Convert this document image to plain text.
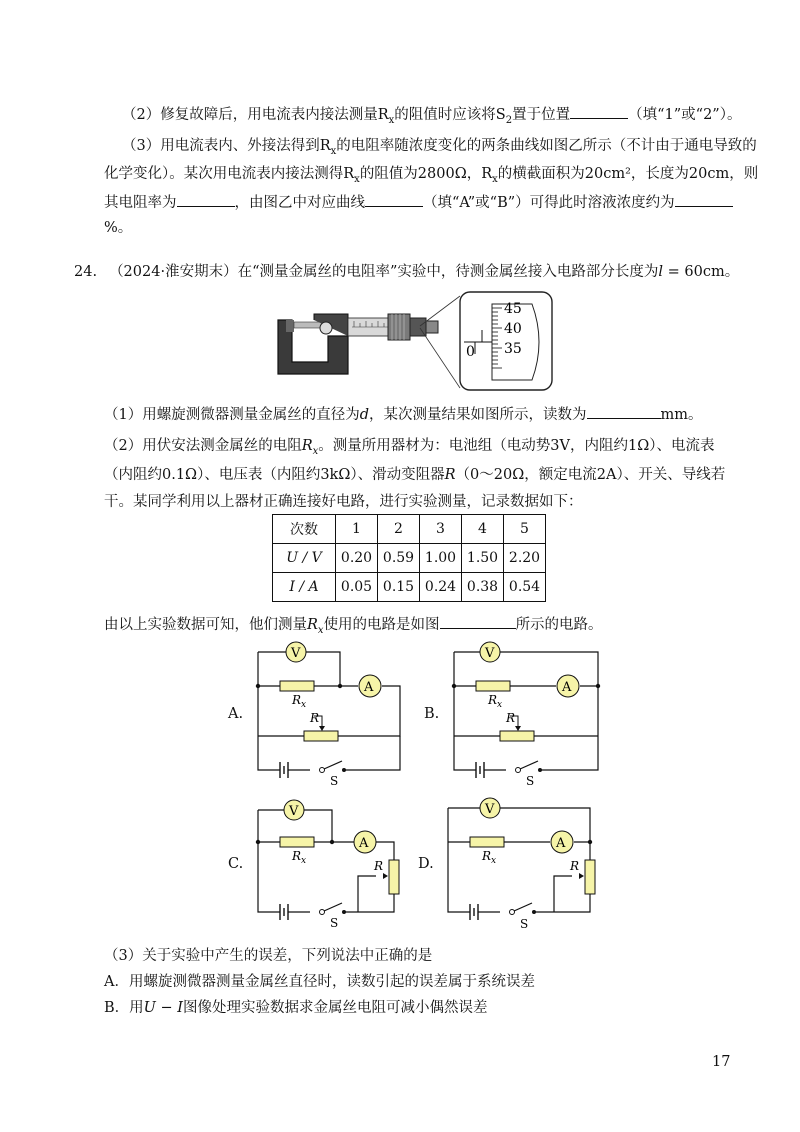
（2）修复故障后，用电流表内接法测量$R_x$的阻值时应该将$S_2$置于位置	（填“1”或“2”）。
（3）用电流表内、外接法得到$R_x$的电阻率随浓度变化的两条曲线如图乙所示（不计由于通电导致的
化学变化）。某次用电流表内接法测得$R_x$的阻值为2800Ω，$R_x$的横截面积为20cm²，长度为20cm，则
其电阻率为	，由图乙中对应曲线	（填“A”或“B”）可得此时溶液浓度约为
%。
24. （2024·淮安期末）在“测量金属丝的电阻率”实验中，待测金属丝接入电路部分长度为l = 60cm。
45
40
35
0
（1）用螺旋测微器测量金属丝的直径为d，某次测量结果如图所示，读数为	mm。
（2）用伏安法测金属丝的电阻$R_x$。测量所用器材为：电池组（电动势3V，内阻约1Ω）、电流表
（内阻约0.1Ω）、电压表（内阻约3kΩ）、滑动变阻器R（0～20Ω，额定电流2A）、开关、导线若
干。某同学利用以上器材正确连接好电路，进行实验测量，记录数据如下：
次数	1	2	3	4	5
U / V	0.20	0.59	1.00	1.50	2.20
I / A	0.05	0.15	0.24	0.38	0.54
由以上实验数据可知，他们测量$R_x$使用的电路是如图	所示的电路。
A.
V
$R_x$
A
R
S
B.
V
$R_x$
A
R
S
C.
V
$R_x$
A
R
S
D.
V
$R_x$
A
R
S
（3）关于实验中产生的误差，下列说法中正确的是
A．用螺旋测微器测量金属丝直径时，读数引起的误差属于系统误差
B．用U − I图像处理实验数据求金属丝电阻可减小偶然误差
17
